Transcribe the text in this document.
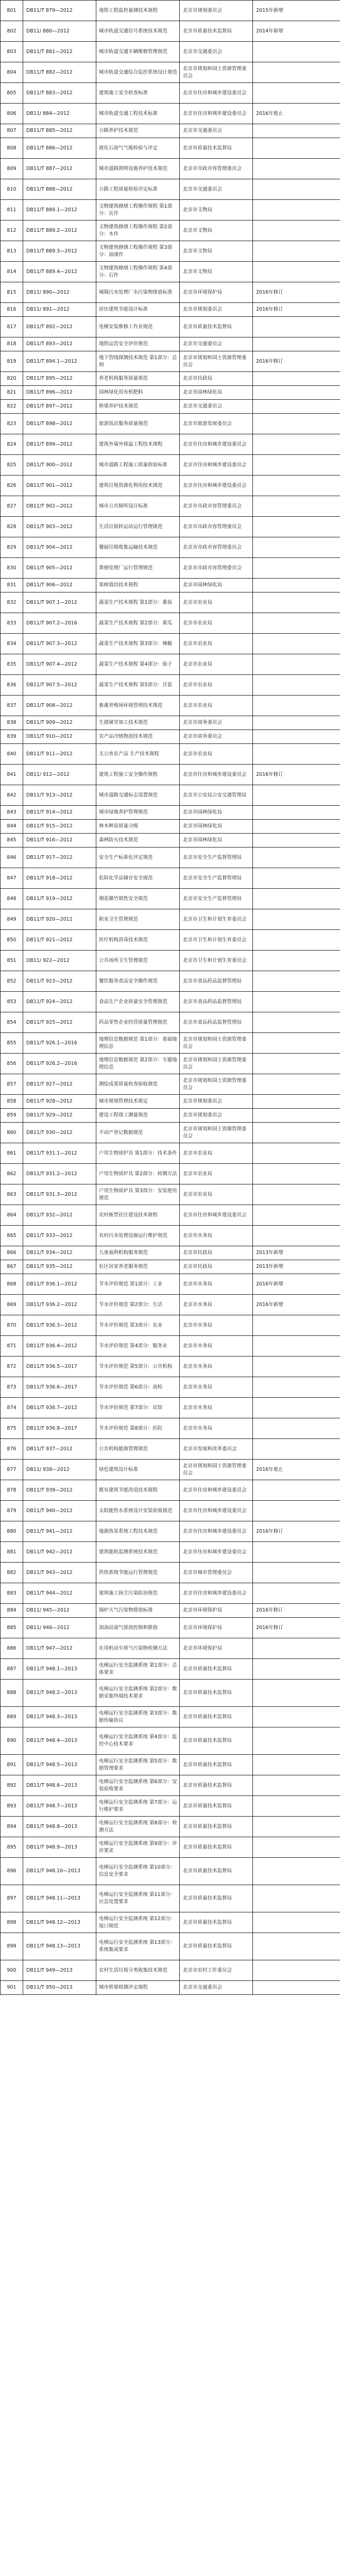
801	DB11/T 879—2012	地铁工程监控量测技术规程	北京市规划委员会	2015年新增
802	DB11/ 880—2012	城市轨道交通信号系统技术规范	北京市质量技术监督局	2014年新增
803	DB11/T 881—2012	城市轨道交通车辆维修管理规范	北京市交通委员会	
804	DB11/T 882—2012	城市轨道交通综合监控系统设计规范	北京市规划和国土资源管理委员会	
805	DB11/T 883—2012	建筑施工安全检查标准	北京市住房和城乡建设委员会	
806	DB11/ 884—2012	城市轨道交通工程技术标准	北京市住房和城乡建设委员会	2016年废止
807	DB11/T 885—2012	公路养护技术规范	北京市交通委员会	
808	DB11/T 886—2012	液化石油气气瓶检验与评定	北京市质量技术监督局	
809	DB11/T 887—2012	城市道路照明设施养护技术规范	北京市市政市容管理委员会	
810	DB11/T 888—2012	公路工程质量检验评定标准	北京市交通委员会	
811	DB11/T 889.1—2012	文物建筑修缮工程操作规程 第1部分：瓦作	北京市文物局	
812	DB11/T 889.2—2012	文物建筑修缮工程操作规程 第2部分：木作	北京市文物局	
813	DB11/T 889.3—2012	文物建筑修缮工程操作规程 第3部分：油漆作	北京市文物局	
814	DB11/T 889.4—2012	文物建筑修缮工程操作规程 第4部分：石作	北京市文物局	
815	DB11/ 890—2012	城镇污水处理厂水污染物排放标准	北京市环境保护局	2016年修订
816	DB11/ 891—2012	居住建筑节能设计标准	北京市规划委员会	2016年修订
817	DB11/T 892—2012	电梯安装维修工作业规范	北京市质量技术监督局	
818	DB11/T 893—2012	地铁运营安全评价规范	北京市交通委员会	
819	DB11/T 894.1—2012	地下管线探测技术规范 第1部分：总则	北京市规划和国土资源管理委员会	2016年修订
820	DB11/T 895—2012	养老机构服务质量规范	北京市民政局	
821	DB11/T 896—2012	园林绿化用有机肥料	北京市园林绿化局	
822	DB11/T 897—2012	桥梁养护技术规范	北京市交通委员会	
823	DB11/T 898—2012	旅游饭店服务质量规范	北京市旅游发展委员会	
824	DB11/T 899—2012	建筑外墙外保温工程技术规程	北京市住房和城乡建设委员会	
825	DB11/T 900—2012	城市道路工程施工质量检验标准	北京市住房和城乡建设委员会	
826	DB11/T 901—2012	建筑垃圾资源化利用技术规范	北京市住房和城乡建设委员会	
827	DB11/T 902—2012	城市公共厕所设计标准	北京市市政市容管理委员会	
828	DB11/T 903—2012	生活垃圾转运站运行管理规范	北京市市政市容管理委员会	
829	DB11/T 904—2012	餐厨垃圾收集运输技术规范	北京市市政市容管理委员会	
830	DB11/T 905—2012	粪便处理厂运行管理规范	北京市市政市容管理委员会	
831	DB11/T 906—2012	果树栽培技术规程	北京市园林绿化局	
832	DB11/T 907.1—2012	蔬菜生产技术规程 第1部分：番茄	北京市农业局	
833	DB11/T 907.2—2016	蔬菜生产技术规程 第2部分：黄瓜	北京市农业局	
834	DB11/T 907.3—2012	蔬菜生产技术规程 第3部分：辣椒	北京市农业局	
835	DB11/T 907.4—2012	蔬菜生产技术规程 第4部分：茄子	北京市农业局	
836	DB11/T 907.5—2012	蔬菜生产技术规程 第5部分：甘蓝	北京市农业局	
837	DB11/T 908—2012	畜禽养殖场环境管理技术规范	北京市农业局	
838	DB11/T 909—2012	生猪屠宰加工技术规范	北京市商务委员会	
839	DB11/T 910—2012	农产品冷链物流技术规范	北京市商务委员会	
840	DB11/T 911—2012	无公害农产品 生产技术规程	北京市农业局	
841	DB11/ 912—2012	建筑工程施工安全操作规程	北京市住房和城乡建设委员会	2016年修订
842	DB11/T 913—2012	城市道路交通标志设置规范	北京市公安局公安交通管理局	
843	DB11/T 914—2012	城市绿地养护管理规范	北京市园林绿化局	
844	DB11/T 915—2012	林木种苗质量分级	北京市园林绿化局	
845	DB11/T 916—2012	森林防火技术规范	北京市园林绿化局	
846	DB11/T 917—2012	安全生产标准化评定规范	北京市安全生产监督管理局	
847	DB11/T 918—2012	危险化学品储存安全规范	北京市安全生产监督管理局	
848	DB11/T 919—2012	烟花爆竹销售安全规范	北京市安全生产监督管理局	
849	DB11/T 920—2012	职业卫生管理规范	北京市卫生和计划生育委员会	
850	DB11/T 921—2012	医疗机构消毒技术规范	北京市卫生和计划生育委员会	
851	DB11/ 922—2012	公共场所卫生管理规范	北京市卫生和计划生育委员会	
852	DB11/T 923—2012	餐饮服务食品安全操作规范	北京市食品药品监督管理局	
853	DB11/T 924—2012	食品生产企业质量安全管理规范	北京市食品药品监督管理局	
854	DB11/T 925—2012	药品零售企业经营质量管理规范	北京市食品药品监督管理局	
855	DB11/T 926.1—2016	地理信息数据规范 第1部分：基础地理信息	北京市规划和国土资源管理委员会	
856	DB11/T 926.2—2016	地理信息数据规范 第2部分：专题地理信息	北京市规划和国土资源管理委员会	
857	DB11/T 927—2012	测绘成果质量检查验收规范	北京市规划和国土资源管理委员会	
858	DB11/T 928—2012	城市规划管理技术规定	北京市规划委员会	
859	DB11/T 929—2012	建设工程竣工测量规范	北京市规划委员会	
860	DB11/T 930—2012	不动产登记数据规范	北京市规划和国土资源管理委员会	
861	DB11/T 931.1—2012	户用生物质炉具 第1部分：技术条件	北京市农业局	
862	DB11/T 931.2—2012	户用生物质炉具 第2部分：检测方法	北京市农业局	
863	DB11/T 931.3—2012	户用生物质炉具 第3部分：安装使用规范	北京市农业局	
864	DB11/T 932—2012	农村新型社区建设技术规程	北京市住房和城乡建设委员会	
865	DB11/T 933—2012	农村污水处理设施运行维护规范	北京市水务局	
866	DB11/T 934—2012	儿童福利机构服务规范	北京市民政局	2013年新增
867	DB11/T 935—2012	社区居家养老服务规范	北京市民政局	2013年新增
868	DB11/T 936.1—2012	节水评价规范 第1部分：工业	北京市水务局	2016年新增
869	DB11/T 936.2—2012	节水评价规范 第2部分：生活	北京市水务局	2016年新增
870	DB11/T 936.3—2012	节水评价规范 第3部分：农业	北京市水务局	
871	DB11/T 936.4—2012	节水评价规范 第4部分：服务业	北京市水务局	
872	DB11/T 936.5—2017	节水评价规范 第5部分：公共机构	北京市水务局	
873	DB11/T 936.6—2017	节水评价规范 第6部分：高校	北京市水务局	
874	DB11/T 936.7—2012	节水评价规范 第7部分：宾馆	北京市水务局	
875	DB11/T 936.8—2017	节水评价规范 第8部分：医院	北京市水务局	
876	DB11/T 937—2012	公共机构能源管理规范	北京市发展和改革委员会	
877	DB11/ 938—2012	绿色建筑设计标准	北京市规划和国土资源管理委员会	2016年废止
878	DB11/T 939—2012	既有建筑节能改造技术规程	北京市住房和城乡建设委员会	
879	DB11/T 940—2012	太阳能热水系统设计安装验收规范	北京市住房和城乡建设委员会	
880	DB11/T 941—2012	地源热泵系统工程技术规范	北京市住房和城乡建设委员会	2016年修订
881	DB11/T 942—2012	建筑能耗监测系统技术规范	北京市住房和城乡建设委员会	
882	DB11/T 943—2012	供热系统节能运行管理规范	北京市城市管理委员会	
883	DB11/T 944—2012	建筑施工扬尘污染防治规范	北京市住房和城乡建设委员会	
884	DB11/ 945—2012	锅炉大气污染物排放标准	北京市环境保护局	2016年修订
885	DB11/ 946—2012	加油站油气排放控制和限值	北京市环境保护局	2016年修订
886	DB11/T 947—2012	在用机动车排气污染物检测方法	北京市环境保护局	
887	DB11/T 948.1—2013	电梯运行安全监测系统 第1部分：总体要求	北京市质量技术监督局	
888	DB11/T 948.2—2013	电梯运行安全监测系统 第2部分：数据采集终端技术要求	北京市质量技术监督局	
889	DB11/T 948.3—2013	电梯运行安全监测系统 第3部分：数据传输协议	北京市质量技术监督局	
890	DB11/T 948.4—2013	电梯运行安全监测系统 第4部分：监控中心技术要求	北京市质量技术监督局	
891	DB11/T 948.5—2013	电梯运行安全监测系统 第5部分：数据管理要求	北京市质量技术监督局	
892	DB11/T 948.6—2013	电梯运行安全监测系统 第6部分：安装验收要求	北京市质量技术监督局	
893	DB11/T 948.7—2013	电梯运行安全监测系统 第7部分：运行维护要求	北京市质量技术监督局	
894	DB11/T 948.8—2013	电梯运行安全监测系统 第8部分：检测方法	北京市质量技术监督局	
895	DB11/T 948.9—2013	电梯运行安全监测系统 第9部分：评价要求	北京市质量技术监督局	
896	DB11/T 948.10—2013	电梯运行安全监测系统 第10部分：信息安全要求	北京市质量技术监督局	
897	DB11/T 948.11—2013	电梯运行安全监测系统 第11部分：应急处置要求	北京市质量技术监督局	
898	DB11/T 948.12—2013	电梯运行安全监测系统 第12部分：接口规范	北京市质量技术监督局	
899	DB11/T 948.13—2013	电梯运行安全监测系统 第13部分：系统集成要求	北京市质量技术监督局	
900	DB11/T 949—2013	农村生活垃圾分类收集技术规范	北京市农村工作委员会	
901	DB11/T 950—2013	城市桥梁检测评定规程	北京市交通委员会	
